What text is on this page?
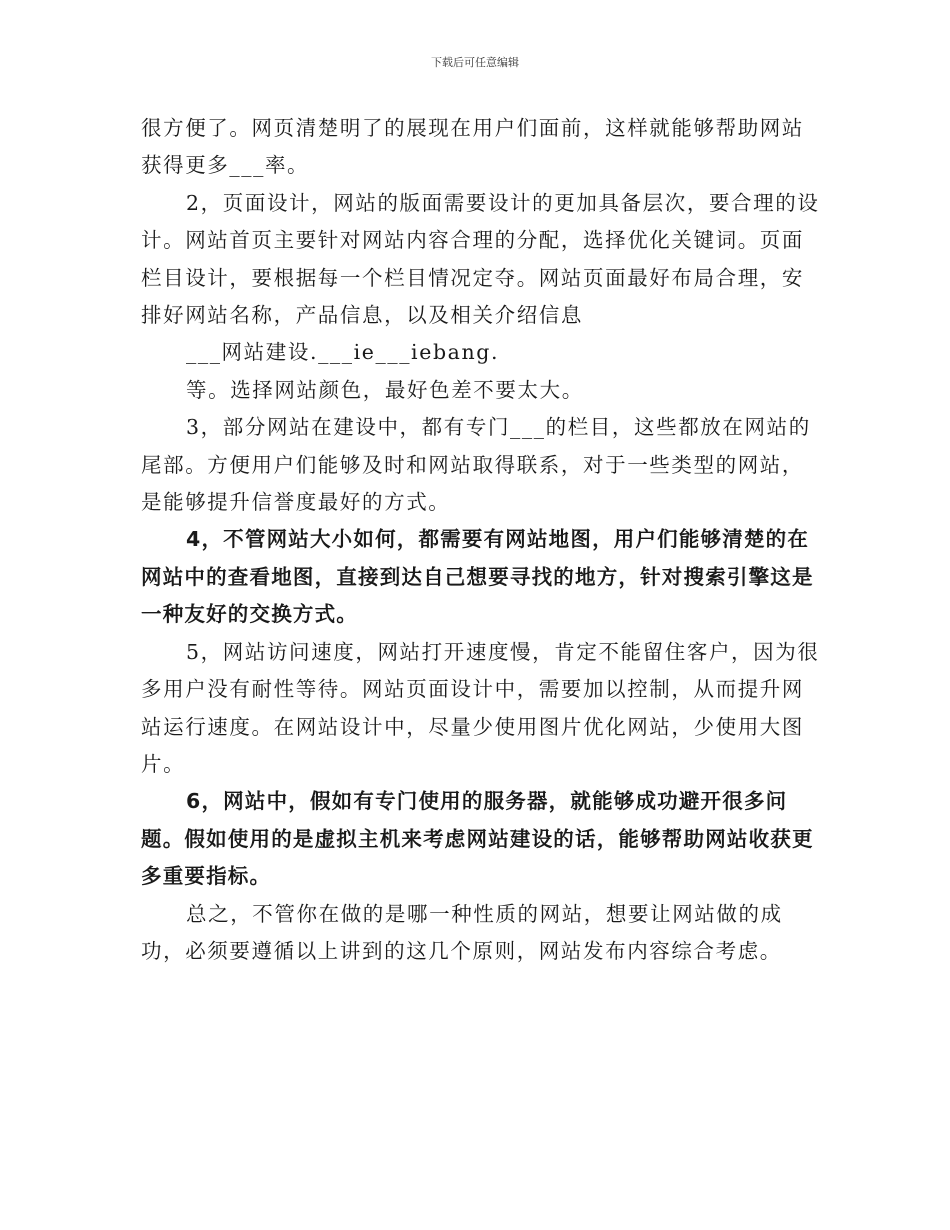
下载后可任意编辑

很方便了。网页清楚明了的展现在用户们面前，这样就能够帮助网站获得更多___率。

2，页面设计，网站的版面需要设计的更加具备层次，要合理的设计。网站首页主要针对网站内容合理的分配，选择优化关键词。页面栏目设计，要根据每一个栏目情况定夺。网站页面最好布局合理，安排好网站名称，产品信息，以及相关介绍信息

___网站建设.___ie___iebang.

等。选择网站颜色，最好色差不要太大。

3，部分网站在建设中，都有专门___的栏目，这些都放在网站的尾部。方便用户们能够及时和网站取得联系，对于一些类型的网站，是能够提升信誉度最好的方式。

4，不管网站大小如何，都需要有网站地图，用户们能够清楚的在网站中的查看地图，直接到达自己想要寻找的地方，针对搜索引擎这是一种友好的交换方式。

5，网站访问速度，网站打开速度慢，肯定不能留住客户，因为很多用户没有耐性等待。网站页面设计中，需要加以控制，从而提升网站运行速度。在网站设计中，尽量少使用图片优化网站，少使用大图片。

6，网站中，假如有专门使用的服务器，就能够成功避开很多问题。假如使用的是虚拟主机来考虑网站建设的话，能够帮助网站收获更多重要指标。

总之，不管你在做的是哪一种性质的网站，想要让网站做的成功，必须要遵循以上讲到的这几个原则，网站发布内容综合考虑。
